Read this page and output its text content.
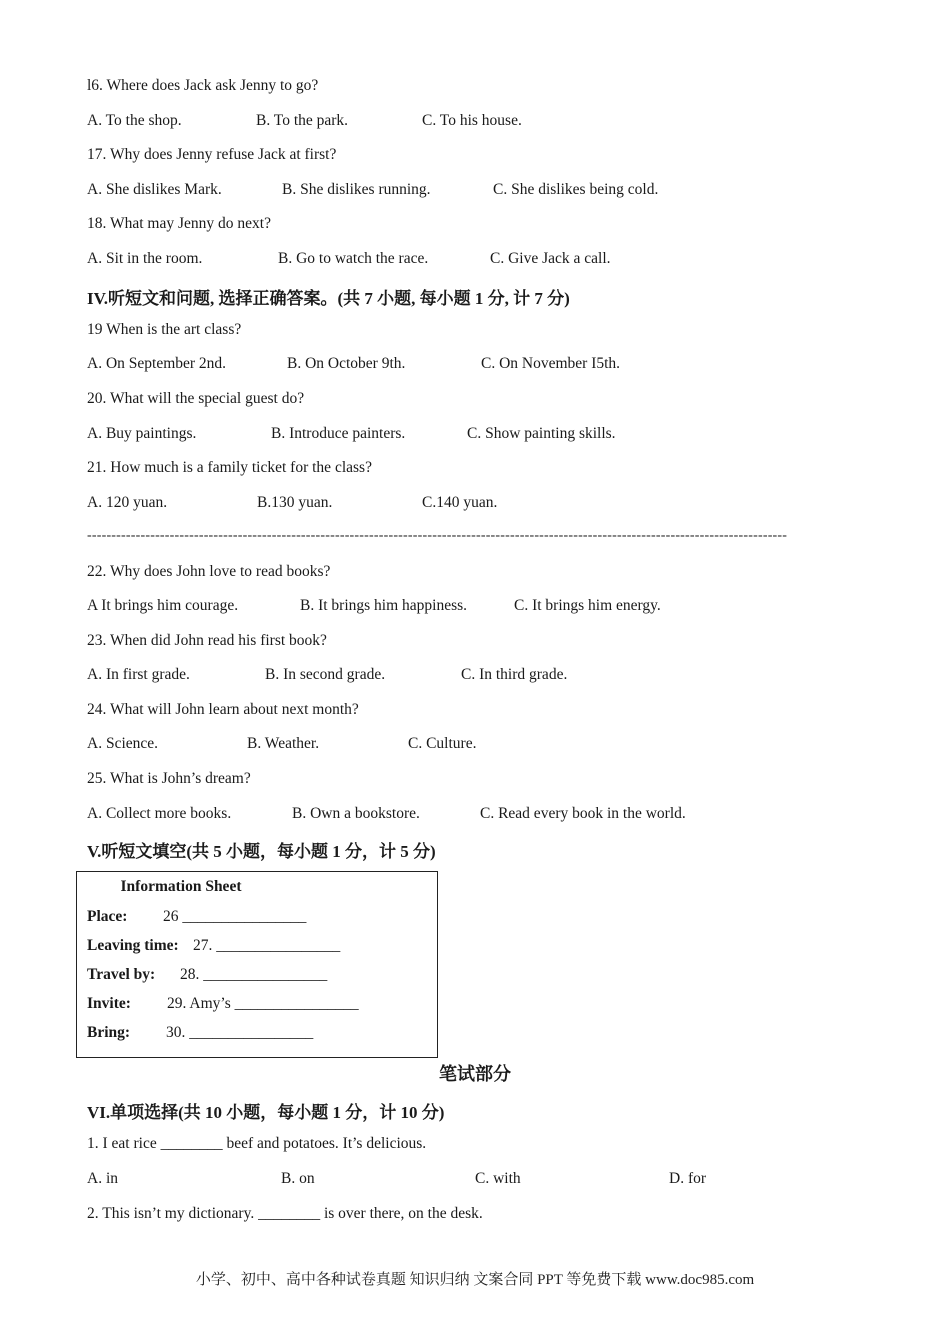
l6. Where does Jack ask Jenny to go?
A. To the shop.	B. To the park.	C. To his house.
17. Why does Jenny refuse Jack at first?
A. She dislikes Mark.	B. She dislikes running.	C. She dislikes being cold.
18. What may Jenny do next?
A. Sit in the room.	B. Go to watch the race.	C. Give Jack a call.
IV.听短文和问题, 选择正确答案。(共 7 小题, 每小题 1 分, 计 7 分)
19 When is the art class?
A. On September 2nd.	B. On October 9th.	C. On November I5th.
20. What will the special guest do?
A. Buy paintings.	B. Introduce painters.	C. Show painting skills.
21. How much is a family ticket for the class?
A. 120 yuan.	B.130 yuan.	C.140 yuan.
------------------------------------------------------------------------------------------------------------------------------------------------
22. Why does John love to read books?
A It brings him courage.	B. It brings him happiness.	C. It brings him energy.
23. When did John read his first book?
A. In first grade.	B. In second grade.	C. In third grade.
24. What will John learn about next month?
A. Science.	B. Weather.	C. Culture.
25. What is John’s dream?
A. Collect more books.	B. Own a bookstore.	C. Read every book in the world.
V.听短文填空(共 5 小题，每小题 1 分，计 5 分)
Information Sheet
Place: 26 ________________
Leaving time: 27. ________________
Travel by: 28. ________________
Invite: 29. Amy’s ________________
Bring: 30. ________________
笔试部分
VI.单项选择(共 10 小题，每小题 1 分，计 10 分)
1. I eat rice ________ beef and potatoes. It’s delicious.
A. in	B. on	C. with	D. for
2. This isn’t my dictionary. ________ is over there, on the desk.
小学、初中、高中各种试卷真题 知识归纳 文案合同 PPT 等免费下载 www.doc985.com
